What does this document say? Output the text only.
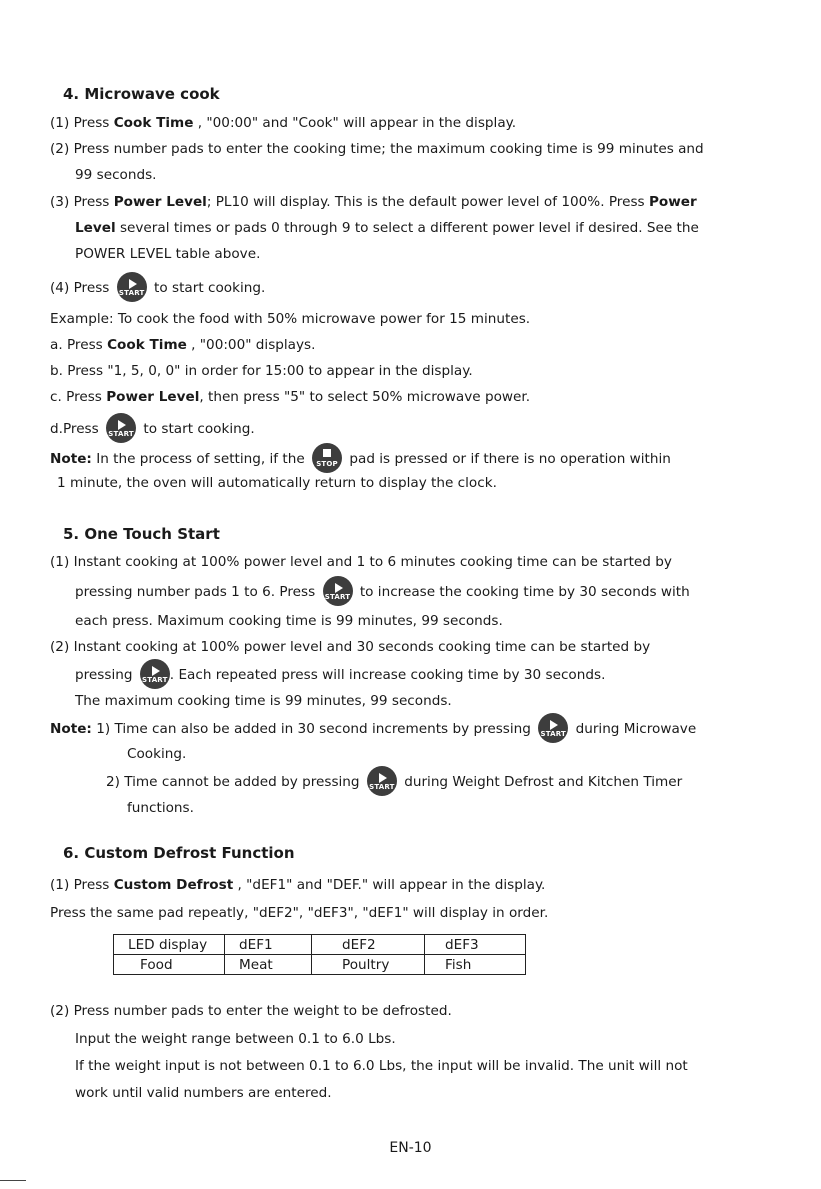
4. Microwave cook
(1) Press Cook Time , "00:00" and "Cook" will appear in the display.
(2) Press number pads to enter the cooking time; the maximum cooking time is 99 minutes and
99 seconds.
(3) Press Power Level; PL10 will display. This is the default power level of 100%. Press Power
Level several times or pads 0 through 9 to select a different power level if desired. See the
POWER LEVEL table above.
(4) Press	START to start cooking.
Example: To cook the food with 50% microwave power for 15 minutes.
a. Press Cook Time , "00:00" displays.
b. Press "1, 5, 0, 0" in order for 15:00 to appear in the display.
c. Press Power Level, then press "5" to select 50% microwave power.
d.Press	START to start cooking.
Note: In the process of setting, if the	STOP pad is pressed or if there is no operation within
1 minute, the oven will automatically return to display the clock.
5. One Touch Start
(1) Instant cooking at 100% power level and 1 to 6 minutes cooking time can be started by
pressing number pads 1 to 6. Press	START to increase the cooking time by 30 seconds with
each press. Maximum cooking time is 99 minutes, 99 seconds.
(2) Instant cooking at 100% power level and 30 seconds cooking time can be started by
pressing	START . Each repeated press will increase cooking time by 30 seconds.
The maximum cooking time is 99 minutes, 99 seconds.
Note: 1) Time can also be added in 30 second increments by pressing	START during Microwave
Cooking.
2) Time cannot be added by pressing	START during Weight Defrost and Kitchen Timer
functions.
6. Custom Defrost Function
(1) Press Custom Defrost , "dEF1" and "DEF." will appear in the display.
Press the same pad repeatly, "dEF2", "dEF3", "dEF1" will display in order.
LED display	dEF1	dEF2	dEF3
Food	Meat	Poultry	Fish
(2) Press number pads to enter the weight to be defrosted.
Input the weight range between 0.1 to 6.0 Lbs.
If the weight input is not between 0.1 to 6.0 Lbs, the input will be invalid. The unit will not
work until valid numbers are entered.
EN-10
